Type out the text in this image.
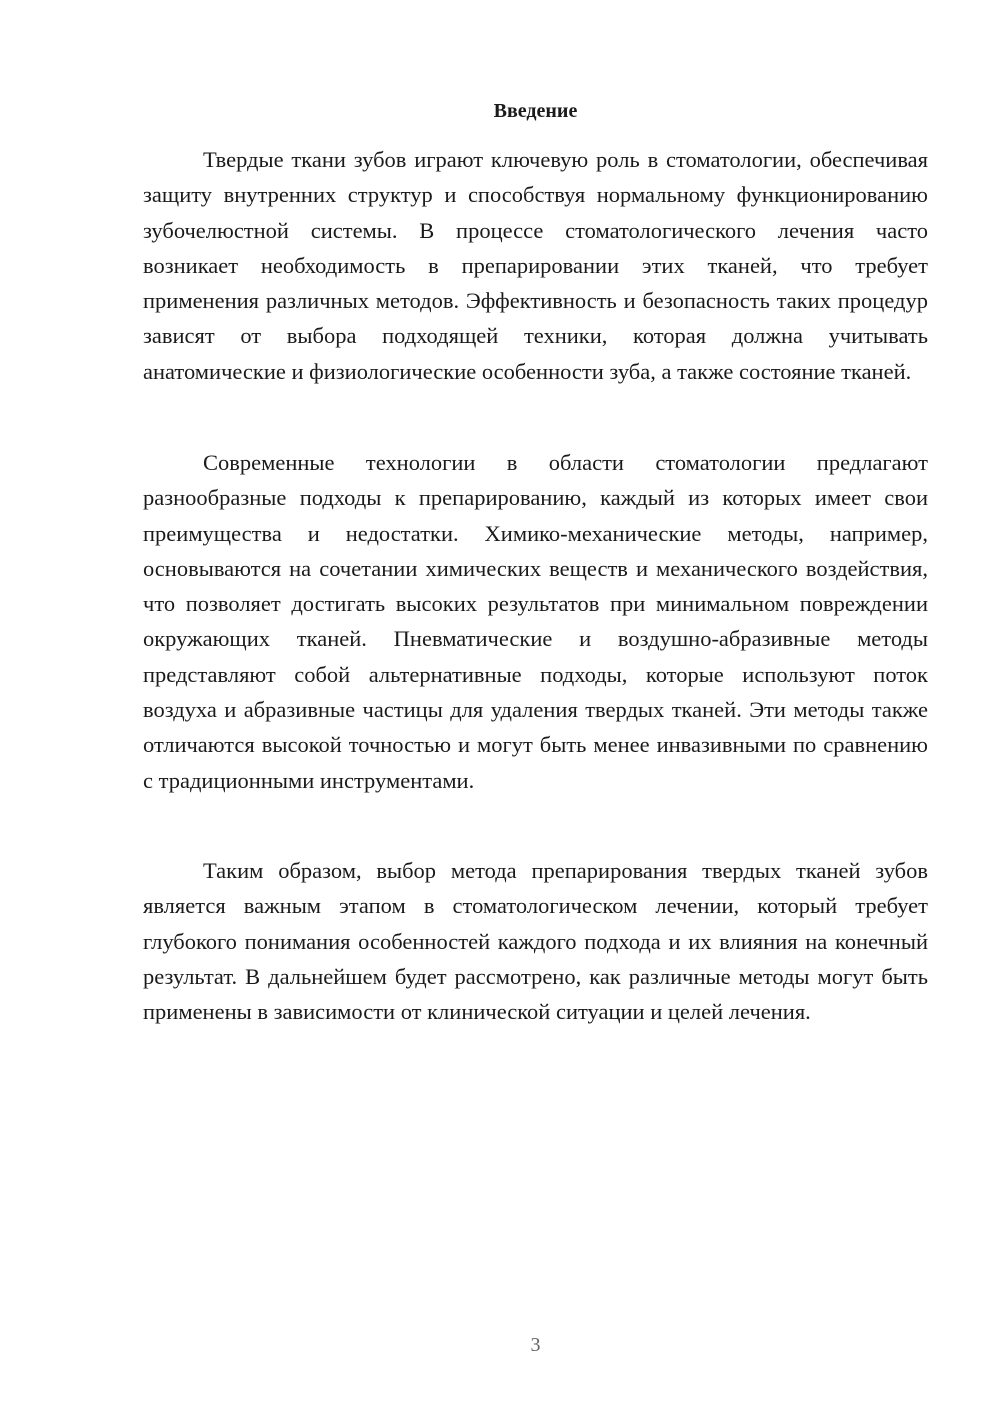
Введение

Твердые ткани зубов играют ключевую роль в стоматологии, обеспечивая защиту внутренних структур и способствуя нормальному функционированию зубочелюстной системы. В процессе стоматологического лечения часто возникает необходимость в препарировании этих тканей, что требует применения различных методов. Эффективность и безопасность таких процедур зависят от выбора подходящей техники, которая должна учитывать анатомические и физиологические особенности зуба, а также состояние тканей.

Современные технологии в области стоматологии предлагают разнообразные подходы к препарированию, каждый из которых имеет свои преимущества и недостатки. Химико-механические методы, например, основываются на сочетании химических веществ и механического воздействия, что позволяет достигать высоких результатов при минимальном повреждении окружающих тканей. Пневматические и воздушно-абразивные методы представляют собой альтернативные подходы, которые используют поток воздуха и абразивные частицы для удаления твердых тканей. Эти методы также отличаются высокой точностью и могут быть менее инвазивными по сравнению с традиционными инструментами.

Таким образом, выбор метода препарирования твердых тканей зубов является важным этапом в стоматологическом лечении, который требует глубокого понимания особенностей каждого подхода и их влияния на конечный результат. В дальнейшем будет рассмотрено, как различные методы могут быть применены в зависимости от клинической ситуации и целей лечения.

3
